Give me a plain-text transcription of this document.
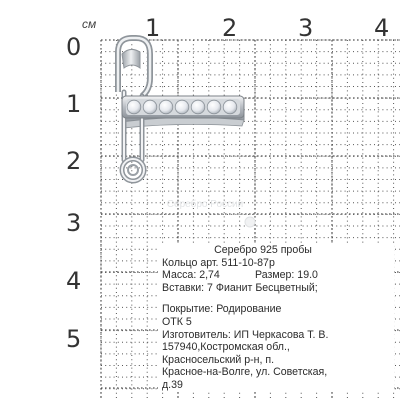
см 1	2	3	4
0
1
2
3
4
5
Серебро России
Серебро 925 пробы
Кольцо арт. 511-10-87р
Масса: 2,74	Размер: 19.0
Вставки: 7 Фианит Бесцветный;
Покрытие: Родирование
ОТК 5
Изготовитель: ИП Черкасова Т. В.
157940,Костромская обл.,
Красносельский р-н, п.
Красное-на-Волге, ул. Советская,
д.39
